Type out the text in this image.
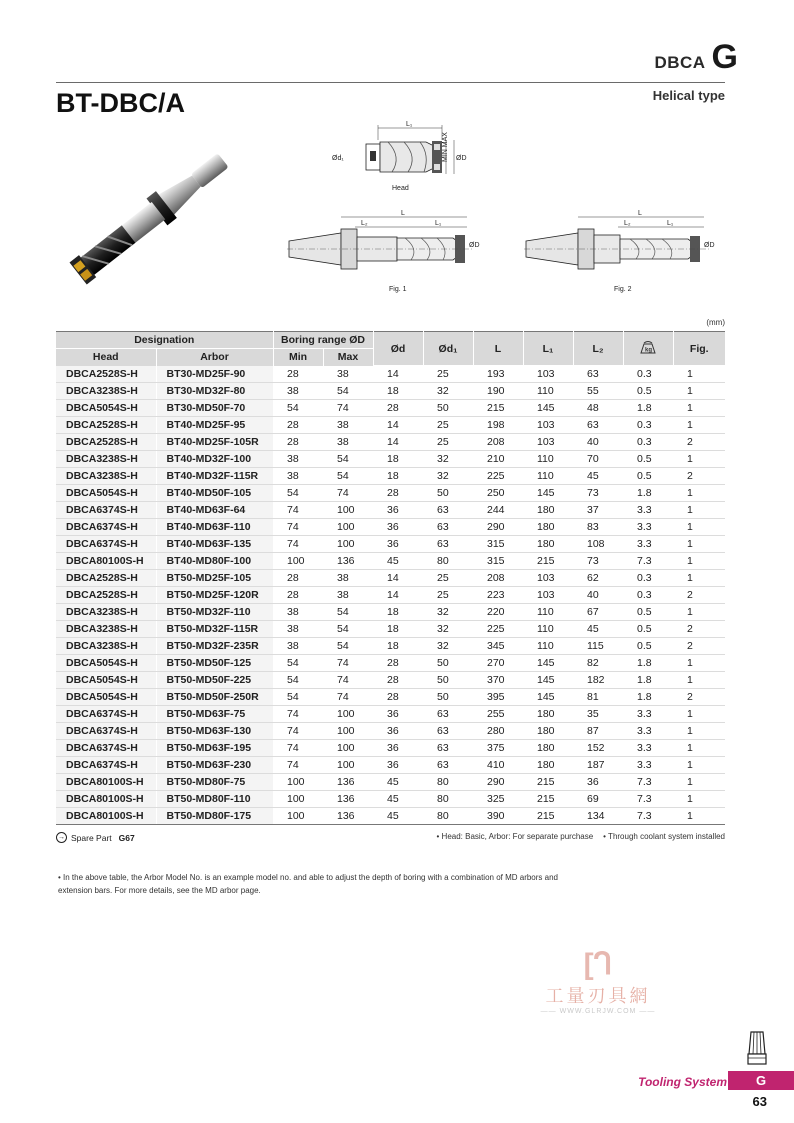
DBCA G
BT-DBC/A	Helical type
L₁
Ød₁	MIN MAX ØD
Head
L
L₂	L₁
ØD
Fig. 1
L
L₂	L₁
ØD
Fig. 2
(mm)
Designation		Boring range ØD		Ød	Ød₁	L	L₁	L₂	kg	Fig.
Head	Arbor	Min	Max							
DBCA2528S-H	BT30-MD25F-90	28	38	14	25	193	103	63	0.3	1
DBCA3238S-H	BT30-MD32F-80	38	54	18	32	190	110	55	0.5	1
DBCA5054S-H	BT30-MD50F-70	54	74	28	50	215	145	48	1.8	1
DBCA2528S-H	BT40-MD25F-95	28	38	14	25	198	103	63	0.3	1
DBCA2528S-H	BT40-MD25F-105R	28	38	14	25	208	103	40	0.3	2
DBCA3238S-H	BT40-MD32F-100	38	54	18	32	210	110	70	0.5	1
DBCA3238S-H	BT40-MD32F-115R	38	54	18	32	225	110	45	0.5	2
DBCA5054S-H	BT40-MD50F-105	54	74	28	50	250	145	73	1.8	1
DBCA6374S-H	BT40-MD63F-64	74	100	36	63	244	180	37	3.3	1
DBCA6374S-H	BT40-MD63F-110	74	100	36	63	290	180	83	3.3	1
DBCA6374S-H	BT40-MD63F-135	74	100	36	63	315	180	108	3.3	1
DBCA80100S-H	BT40-MD80F-100	100	136	45	80	315	215	73	7.3	1
DBCA2528S-H	BT50-MD25F-105	28	38	14	25	208	103	62	0.3	1
DBCA2528S-H	BT50-MD25F-120R	28	38	14	25	223	103	40	0.3	2
DBCA3238S-H	BT50-MD32F-110	38	54	18	32	220	110	67	0.5	1
DBCA3238S-H	BT50-MD32F-115R	38	54	18	32	225	110	45	0.5	2
DBCA3238S-H	BT50-MD32F-235R	38	54	18	32	345	110	115	0.5	2
DBCA5054S-H	BT50-MD50F-125	54	74	28	50	270	145	82	1.8	1
DBCA5054S-H	BT50-MD50F-225	54	74	28	50	370	145	182	1.8	1
DBCA5054S-H	BT50-MD50F-250R	54	74	28	50	395	145	81	1.8	2
DBCA6374S-H	BT50-MD63F-75	74	100	36	63	255	180	35	3.3	1
DBCA6374S-H	BT50-MD63F-130	74	100	36	63	280	180	87	3.3	1
DBCA6374S-H	BT50-MD63F-195	74	100	36	63	375	180	152	3.3	1
DBCA6374S-H	BT50-MD63F-230	74	100	36	63	410	180	187	3.3	1
DBCA80100S-H	BT50-MD80F-75	100	136	45	80	290	215	36	7.3	1
DBCA80100S-H	BT50-MD80F-110	100	136	45	80	325	215	69	7.3	1
DBCA80100S-H	BT50-MD80F-175	100	136	45	80	390	215	134	7.3	1
→ Spare Part G67	• Head: Basic, Arbor: For separate purchase • Through coolant system installed
• In the above table, the Arbor Model No. is an example model no. and able to adjust the depth of boring with a combination of MD arbors and extension bars. For more details, see the MD arbor page.
[ᒉ
工量刃具網
—— WWW.GLRJW.COM ——
Tooling System	G
63
